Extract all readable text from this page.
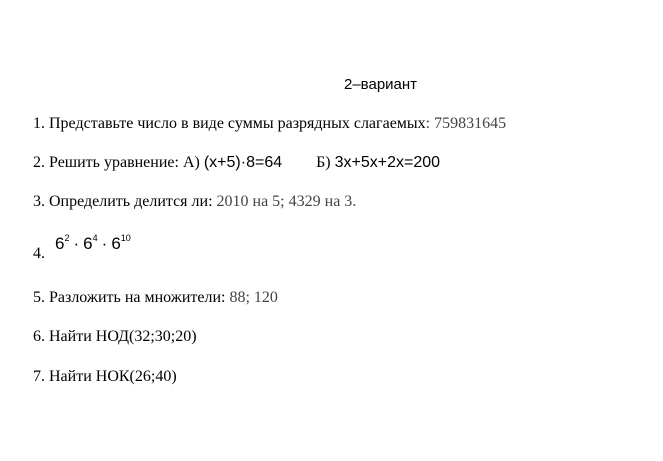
2–вариант
1. Представьте число в виде суммы разрядных слагаемых: 759831645
2. Решить уравнение: А) (х+5)·8=64 Б) 3х+5х+2х=200
3. Определить делится ли: 2010 на 5; 4329 на 3.
4.
$6^2 \cdot 6^4 \cdot 6^{10}$
5. Разложить на множители: 88; 120
6. Найти НОД(32;30;20)
7. Найти НОК(26;40)
